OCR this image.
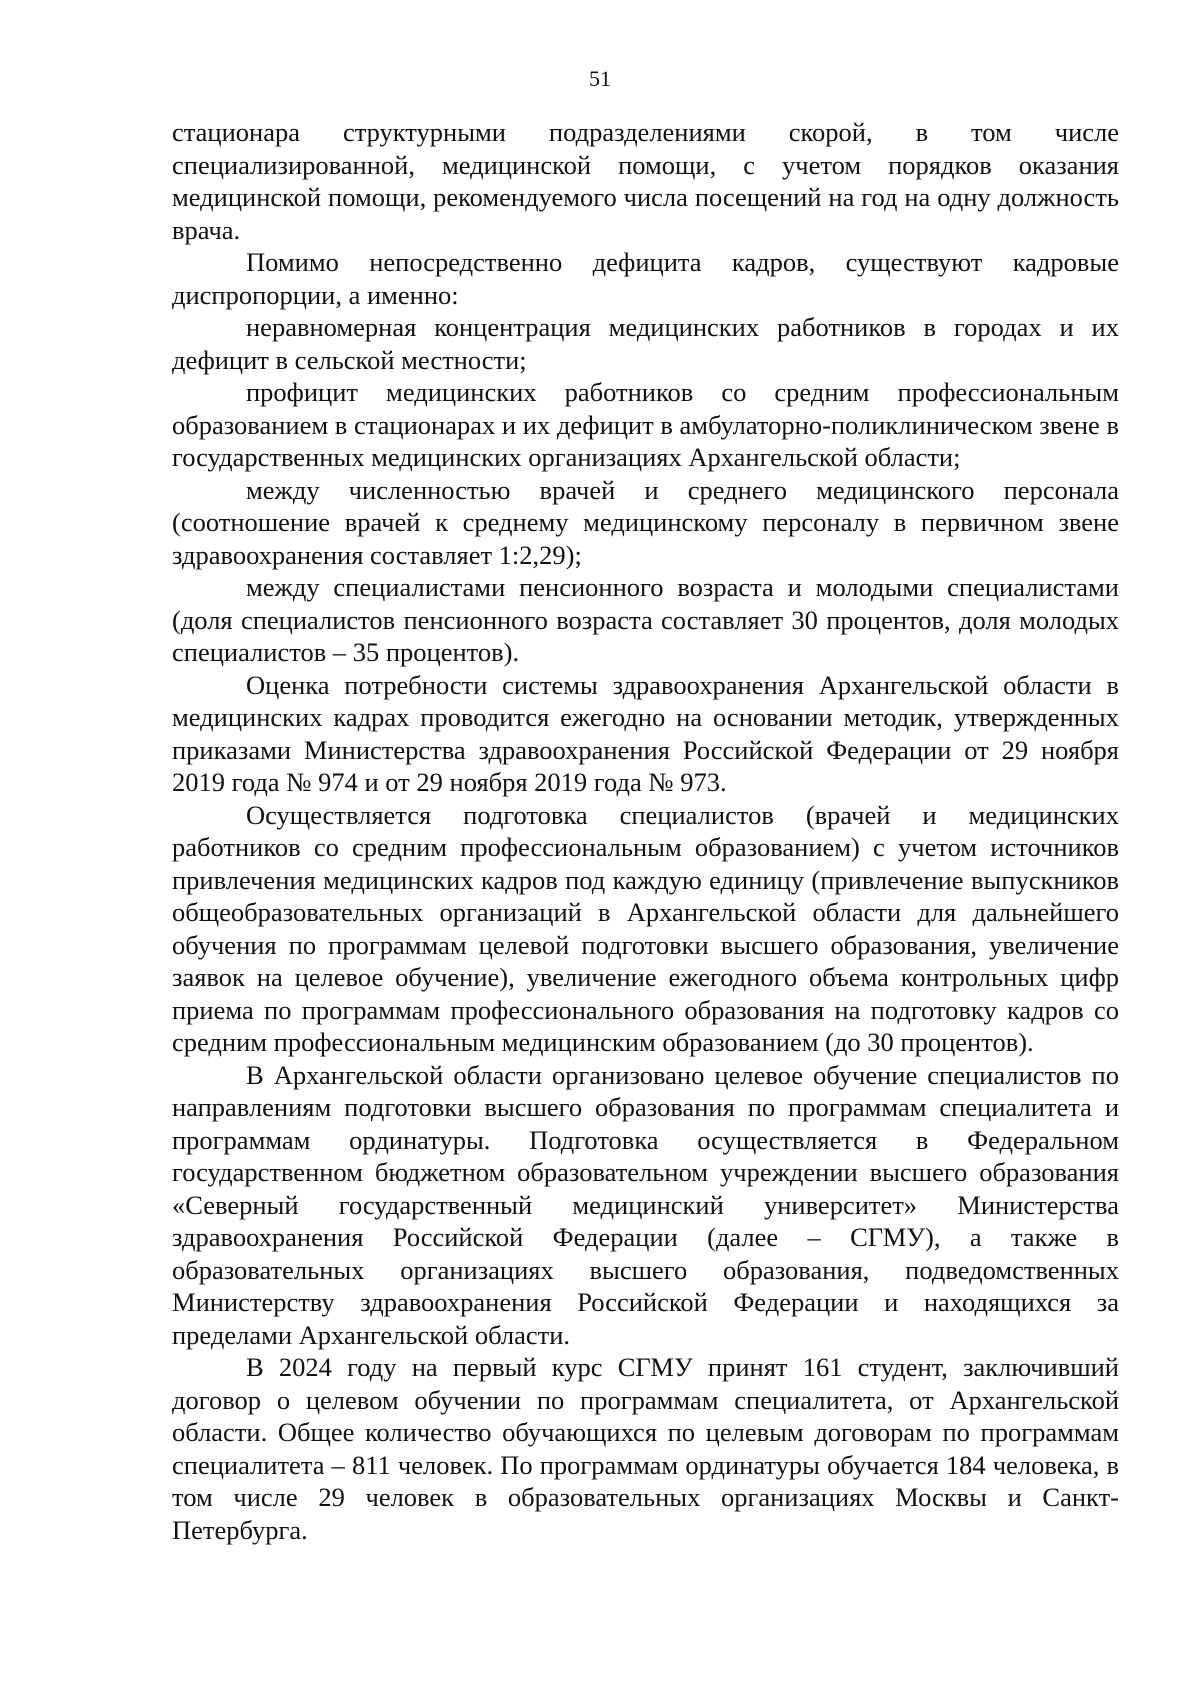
51

стационара структурными подразделениями скорой, в том числе специализированной, медицинской помощи, с учетом порядков оказания медицинской помощи, рекомендуемого числа посещений на год на одну должность врача.

Помимо непосредственно дефицита кадров, существуют кадровые диспропорции, а именно:

неравномерная концентрация медицинских работников в городах и их дефицит в сельской местности;

профицит медицинских работников со средним профессиональным образованием в стационарах и их дефицит в амбулаторно-поликлиническом звене в государственных медицинских организациях Архангельской области;

между численностью врачей и среднего медицинского персонала (соотношение врачей к среднему медицинскому персоналу в первичном звене здравоохранения составляет 1:2,29);

между специалистами пенсионного возраста и молодыми специалистами (доля специалистов пенсионного возраста составляет 30 процентов, доля молодых специалистов – 35 процентов).

Оценка потребности системы здравоохранения Архангельской области в медицинских кадрах проводится ежегодно на основании методик, утвержденных приказами Министерства здравоохранения Российской Федерации от 29 ноября 2019 года № 974 и от 29 ноября 2019 года № 973.

Осуществляется подготовка специалистов (врачей и медицинских работников со средним профессиональным образованием) с учетом источников привлечения медицинских кадров под каждую единицу (привлечение выпускников общеобразовательных организаций в Архангельской области для дальнейшего обучения по программам целевой подготовки высшего образования, увеличение заявок на целевое обучение), увеличение ежегодного объема контрольных цифр приема по программам профессионального образования на подготовку кадров со средним профессиональным медицинским образованием (до 30 процентов).

В Архангельской области организовано целевое обучение специалистов по направлениям подготовки высшего образования по программам специалитета и программам ординатуры. Подготовка осуществляется в Федеральном государственном бюджетном образовательном учреждении высшего образования «Северный государственный медицинский университет» Министерства здравоохранения Российской Федерации (далее – СГМУ), а также в образовательных организациях высшего образования, подведомственных Министерству здравоохранения Российской Федерации и находящихся за пределами Архангельской области.

В 2024 году на первый курс СГМУ принят 161 студент, заключивший договор о целевом обучении по программам специалитета, от Архангельской области. Общее количество обучающихся по целевым договорам по программам специалитета – 811 человек. По программам ординатуры обучается 184 человека, в том числе 29 человек в образовательных организациях Москвы и Санкт-Петербурга.
